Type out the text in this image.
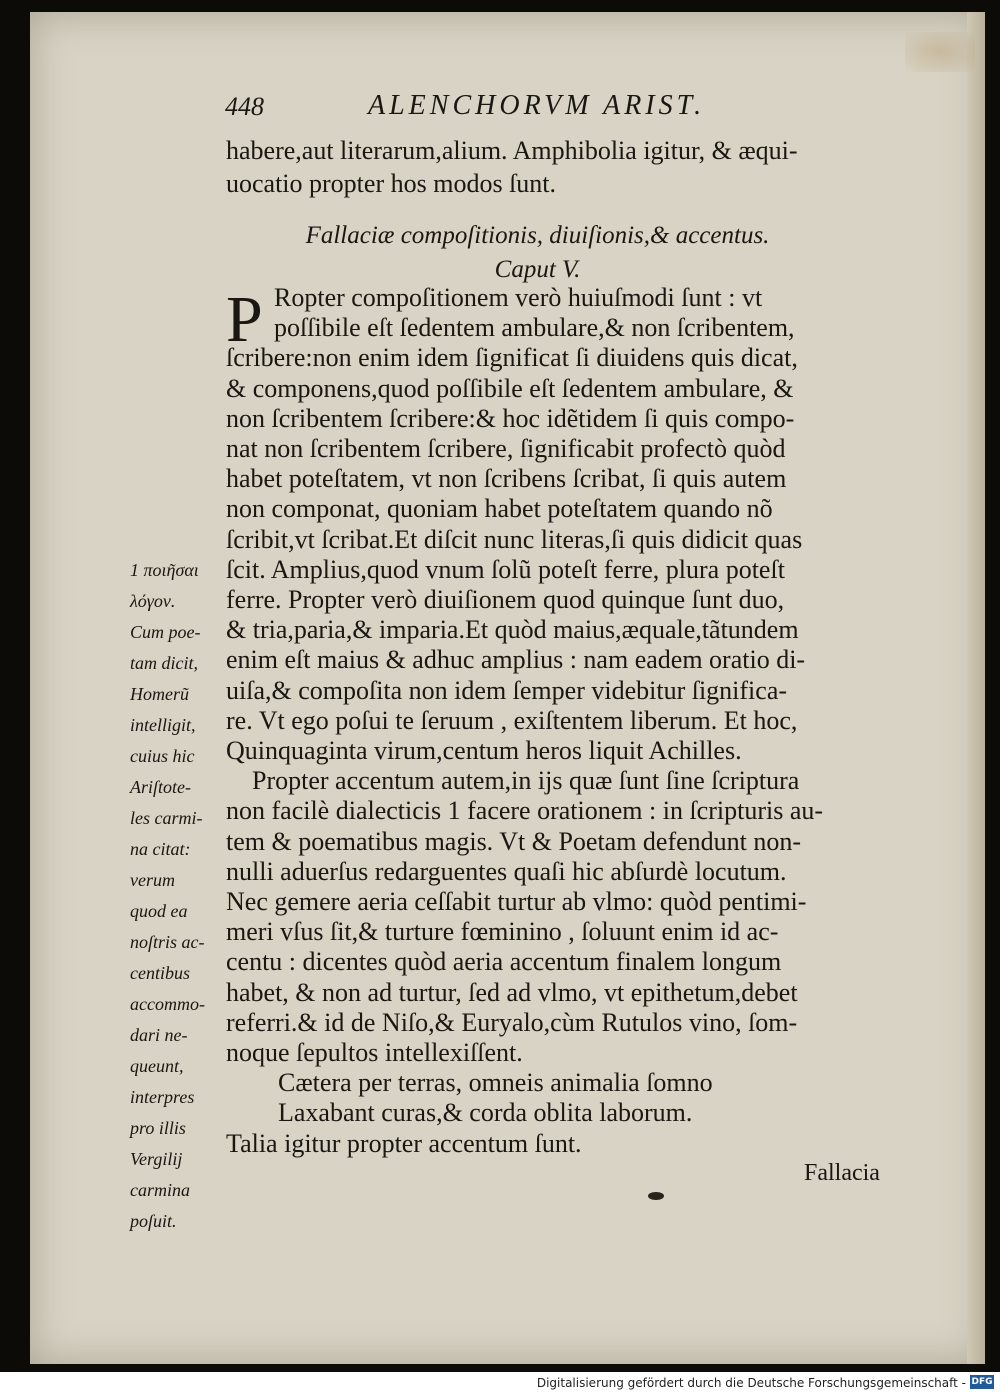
448	ALENCHORVM ARIST.
habere,aut literarum,alium. Amphibolia igitur, & æqui-
uocatio propter hos modos ſunt.
Fallaciæ compoſitionis, diuiſionis,& accentus.
Caput V.
P Ropter compoſitionem verò huiuſmodi ſunt : vt
poſſibile eſt ſedentem ambulare,& non ſcribentem,
ſcribere:non enim idem ſignificat ſi diuidens quis dicat,
& componens,quod poſſibile eſt ſedentem ambulare, &
non ſcribentem ſcribere:& hoc idẽtidem ſi quis compo-
nat non ſcribentem ſcribere, ſignificabit profectò quòd
habet poteſtatem, vt non ſcribens ſcribat, ſi quis autem
non componat, quoniam habet poteſtatem quando nõ
ſcribit,vt ſcribat.Et diſcit nunc literas,ſi quis didicit quas
ſcit. Amplius,quod vnum ſolũ poteſt ferre, plura poteſt
ferre. Propter verò diuiſionem quod quinque ſunt duo,
& tria,paria,& imparia.Et quòd maius,æquale,tãtundem
enim eſt maius & adhuc amplius : nam eadem oratio di-
uiſa,& compoſita non idem ſemper videbitur ſignifica-
re. Vt ego poſui te ſeruum , exiſtentem liberum. Et hoc,
Quinquaginta virum,centum heros liquit Achilles.
Propter accentum autem,in ijs quæ ſunt ſine ſcriptura
non facilè dialecticis 1 facere orationem : in ſcripturis au-
tem & poematibus magis. Vt & Poetam defendunt non-
nulli aduerſus redarguentes quaſi hic abſurdè locutum.
Nec gemere aeria ceſſabit turtur ab vlmo: quòd pentimi-
meri vſus ſit,& turture fœminino , ſoluunt enim id ac-
centu : dicentes quòd aeria accentum finalem longum
habet, & non ad turtur, ſed ad vlmo, vt epithetum,debet
referri.& id de Niſo,& Euryalo,cùm Rutulos vino, ſom-
noque ſepultos intellexiſſent.
Cætera per terras, omneis animalia ſomno
Laxabant curas,& corda oblita laborum.
Talia igitur propter accentum ſunt.
1 ποιῆσαι
λόγον.
Cum poe-
tam dicit,
Homerũ
intelligit,
cuius hic
Ariſtote-
les carmi-
na citat:
verum
quod ea
noſtris ac-
centibus
accommo-
dari ne-
queunt,
interpres
pro illis
Vergilij
carmina
poſuit.
Fallacia
Digitalisierung gefördert durch die Deutsche Forschungsgemeinschaft - DFG
